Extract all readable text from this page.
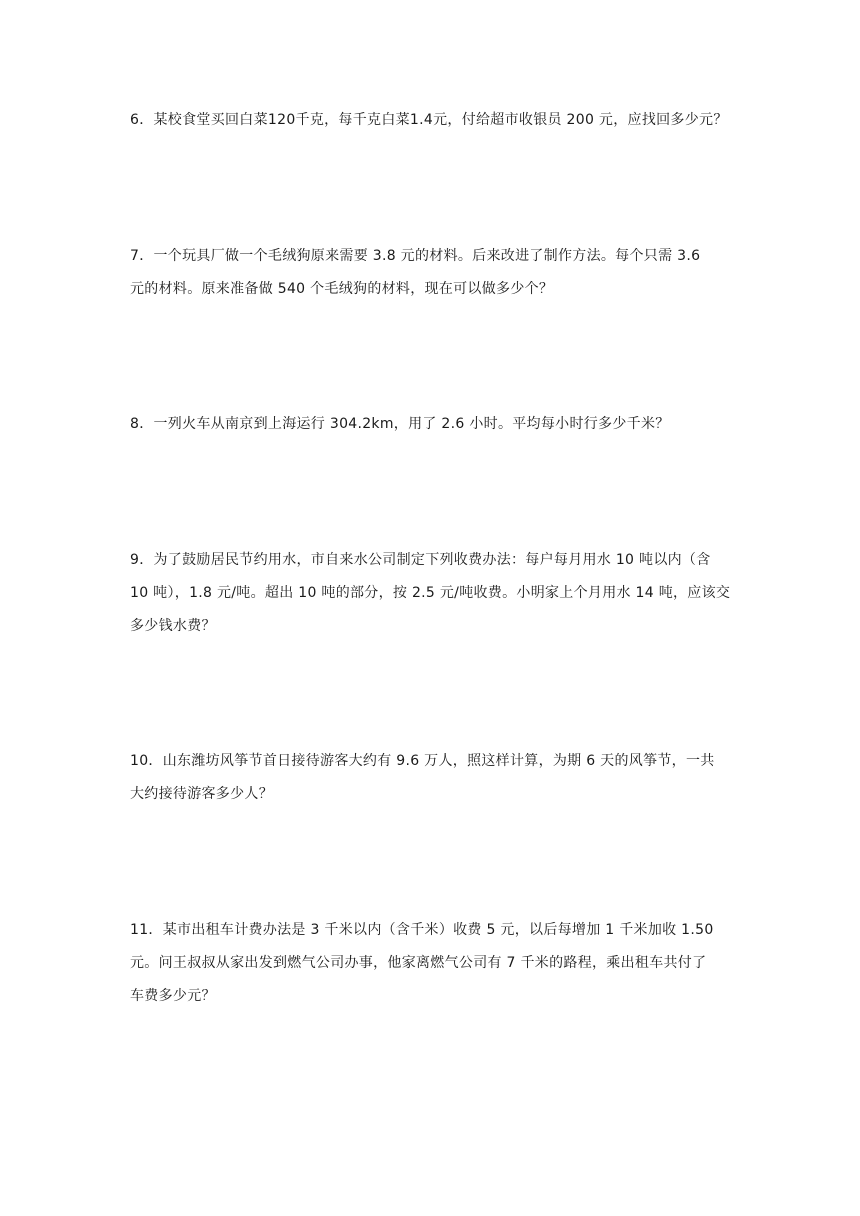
6．某校食堂买回白菜120千克，每千克白菜1.4元，付给超市收银员 200 元，应找回多少元？

7．一个玩具厂做一个毛绒狗原来需要 3.8 元的材料。后来改进了制作方法。每个只需 3.6
元的材料。原来准备做 540 个毛绒狗的材料，现在可以做多少个？

8．一列火车从南京到上海运行 304.2km，用了 2.6 小时。平均每小时行多少千米？

9．为了鼓励居民节约用水，市自来水公司制定下列收费办法：每户每月用水 10 吨以内（含
10 吨），1.8 元/吨。超出 10 吨的部分，按 2.5 元/吨收费。小明家上个月用水 14 吨，应该交
多少钱水费？

10．山东潍坊风筝节首日接待游客大约有 9.6 万人，照这样计算，为期 6 天的风筝节，一共
大约接待游客多少人？

11．某市出租车计费办法是 3 千米以内（含千米）收费 5 元，以后每增加 1 千米加收 1.50
元。问王叔叔从家出发到燃气公司办事，他家离燃气公司有 7 千米的路程，乘出租车共付了
车费多少元？
